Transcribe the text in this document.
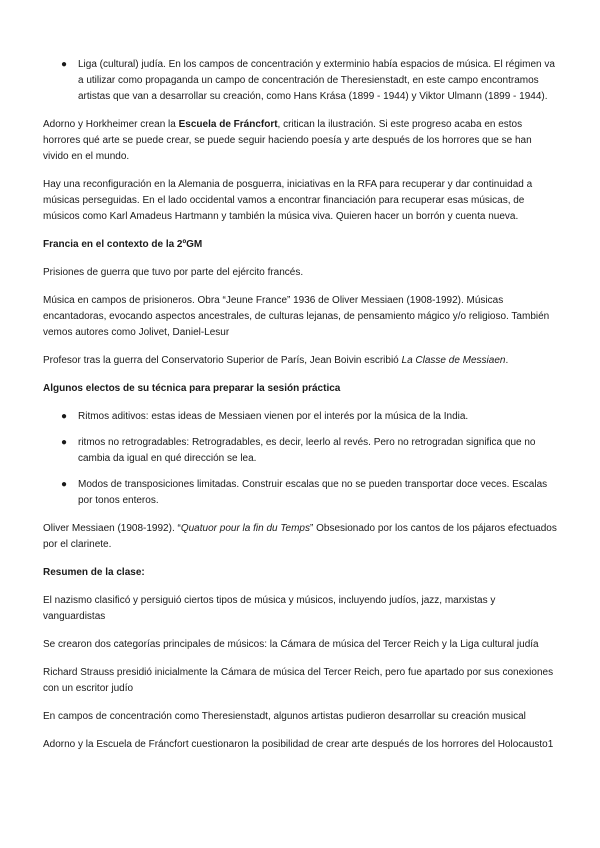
● Liga (cultural) judía. En los campos de concentración y exterminio había espacios de música. El régimen va a utilizar como propaganda un campo de concentración de Theresienstadt, en este campo encontramos artistas que van a desarrollar su creación, como Hans Krása (1899 - 1944) y Viktor Ulmann (1899 - 1944).

Adorno y Horkheimer crean la Escuela de Fráncfort, critican la ilustración. Si este progreso acaba en estos horrores qué arte se puede crear, se puede seguir haciendo poesía y arte después de los horrores que se han vivido en el mundo.

Hay una reconfiguración en la Alemania de posguerra, iniciativas en la RFA para recuperar y dar continuidad a músicas perseguidas. En el lado occidental vamos a encontrar financiación para recuperar esas músicas, de músicos como Karl Amadeus Hartmann y también la música viva. Quieren hacer un borrón y cuenta nueva.

Francia en el contexto de la 2ºGM

Prisiones de guerra que tuvo por parte del ejército francés.

Música en campos de prisioneros. Obra “Jeune France” 1936 de Oliver Messiaen (1908-1992). Músicas encantadoras, evocando aspectos ancestrales, de culturas lejanas, de pensamiento mágico y/o religioso. También vemos autores como Jolivet, Daniel-Lesur

Profesor tras la guerra del Conservatorio Superior de París, Jean Boivin escribió La Classe de Messiaen.

Algunos electos de su técnica para preparar la sesión práctica

● Ritmos aditivos: estas ideas de Messiaen vienen por el interés por la música de la India.
● ritmos no retrogradables: Retrogradables, es decir, leerlo al revés. Pero no retrogradan significa que no cambia da igual en qué dirección se lea.
● Modos de transposiciones limitadas. Construir escalas que no se pueden transportar doce veces. Escalas por tonos enteros.

Oliver Messiaen (1908-1992). “Quatuor pour la fin du Temps” Obsesionado por los cantos de los pájaros efectuados por el clarinete.

Resumen de la clase:

El nazismo clasificó y persiguió ciertos tipos de música y músicos, incluyendo judíos, jazz, marxistas y vanguardistas

Se crearon dos categorías principales de músicos: la Cámara de música del Tercer Reich y la Liga cultural judía

Richard Strauss presidió inicialmente la Cámara de música del Tercer Reich, pero fue apartado por sus conexiones con un escritor judío

En campos de concentración como Theresienstadt, algunos artistas pudieron desarrollar su creación musical

Adorno y la Escuela de Fráncfort cuestionaron la posibilidad de crear arte después de los horrores del Holocausto1
